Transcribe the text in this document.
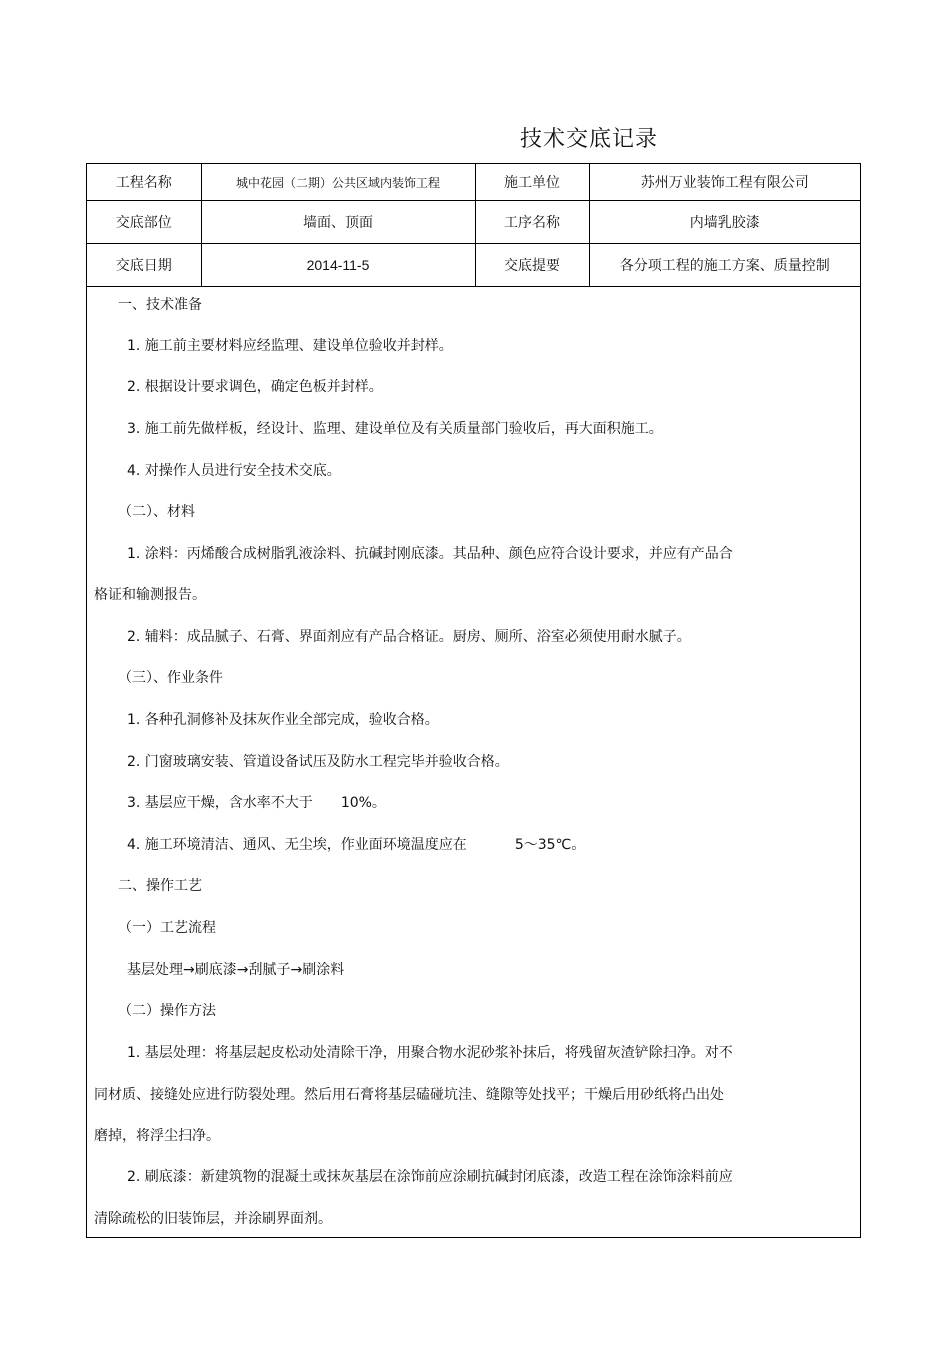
技术交底记录
工程名称	城中花园（二期）公共区域内装饰工程	施工单位	苏州万业装饰工程有限公司
交底部位	墙面、顶面	工序名称	内墙乳胶漆
交底日期	2014-11-5	交底提要	各分项工程的施工方案、质量控制
一、技术准备
1. 施工前主要材料应经监理、建设单位验收并封样。
2. 根据设计要求调色，确定色板并封样。
3. 施工前先做样板，经设计、监理、建设单位及有关质量部门验收后，再大面积施工。
4. 对操作人员进行安全技术交底。
（二）、材料
1. 涂料：丙烯酸合成树脂乳液涂料、抗碱封刚底漆。其品种、颜色应符合设计要求，并应有产品合
格证和输测报告。
2. 辅料：成品腻子、石膏、界面剂应有产品合格证。厨房、厕所、浴室必须使用耐水腻子。
（三）、作业条件
1. 各种孔洞修补及抹灰作业全部完成，验收合格。
2. 门窗玻璃安装、管道设备试压及防水工程完毕并验收合格。
3. 基层应干燥，含水率不大于 10%。
4. 施工环境清洁、通风、无尘埃，作业面环境温度应在	5～35℃。
二、操作工艺
（一）工艺流程
基层处理→刷底漆→刮腻子→刷涂料
（二）操作方法
1. 基层处理：将基层起皮松动处清除干净，用聚合物水泥砂浆补抹后，将残留灰渣铲除扫净。对不
同材质、接缝处应进行防裂处理。然后用石膏将基层磕碰坑洼、缝隙等处找平；干燥后用砂纸将凸出处
磨掉，将浮尘扫净。
2. 刷底漆：新建筑物的混凝土或抹灰基层在涂饰前应涂刷抗碱封闭底漆，改造工程在涂饰涂料前应
清除疏松的旧装饰层，并涂刷界面剂。
